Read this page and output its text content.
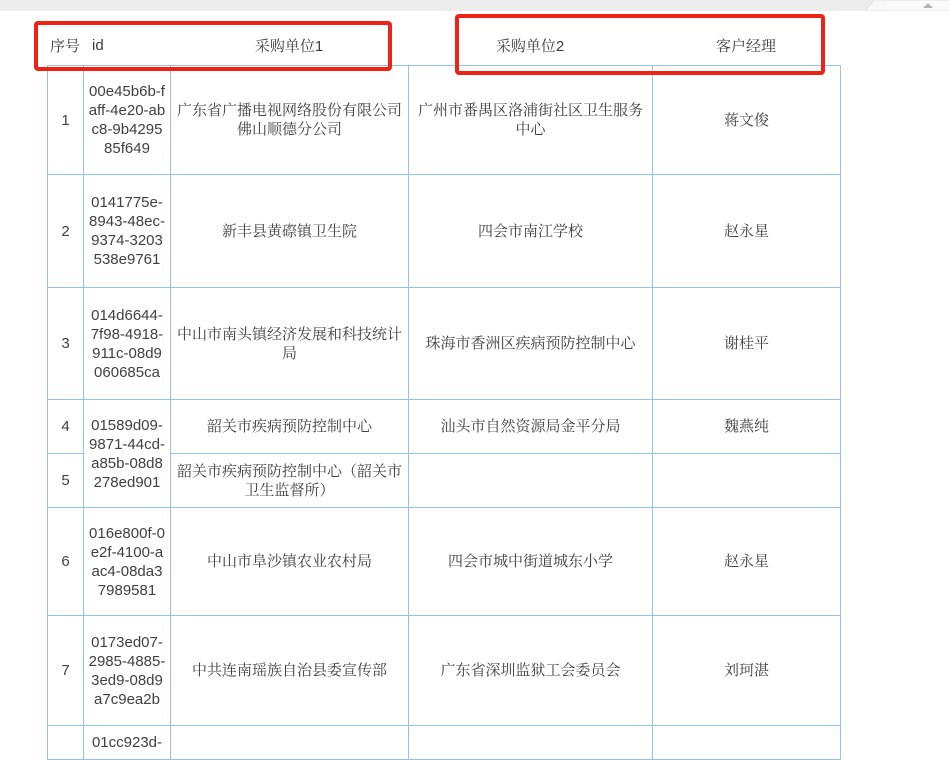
序号 id	采购单位1	采购单位2	客户经理
1	00e45b6b-faff-4e20-abc8-9b429585f649	广东省广播电视网络股份有限公司佛山顺德分公司	广州市番禺区洛浦街社区卫生服务中心	蒋文俊
2	0141775e-8943-48ec-9374-3203538e9761	新丰县黄磜镇卫生院	四会市南江学校	赵永星
3	014d6644-7f98-4918-911c-08d9060685ca	中山市南头镇经济发展和科技统计局	珠海市香洲区疾病预防控制中心	谢桂平
4	01589d09-9871-44cd-a85b-08d8278ed901	韶关市疾病预防控制中心	汕头市自然资源局金平分局	魏燕纯
5		韶关市疾病预防控制中心（韶关市卫生监督所）		
6	016e800f-0e2f-4100-aac4-08da37989581	中山市阜沙镇农业农村局	四会市城中街道城东小学	赵永星
7	0173ed07-2985-4885-3ed9-08d9a7c9ea2b	中共连南瑶族自治县委宣传部	广东省深圳监狱工会委员会	刘珂湛
	01cc923d-			
